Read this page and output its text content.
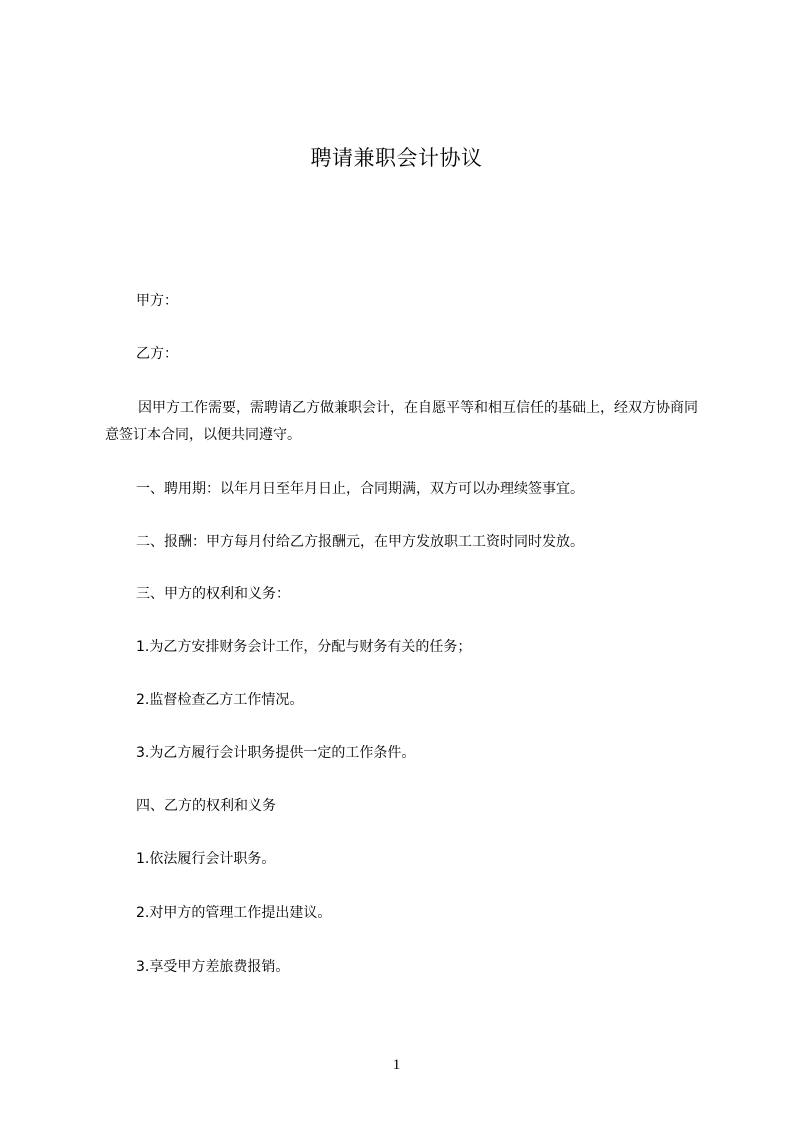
聘请兼职会计协议
甲方：
乙方：
因甲方工作需要，需聘请乙方做兼职会计，在自愿平等和相互信任的基础上，经双方协商同意签订本合同，以便共同遵守。
一、聘用期：以年月日至年月日止，合同期满，双方可以办理续签事宜。
二、报酬：甲方每月付给乙方报酬元，在甲方发放职工工资时同时发放。
三、甲方的权利和义务：
1.为乙方安排财务会计工作，分配与财务有关的任务；
2.监督检查乙方工作情况。
3.为乙方履行会计职务提供一定的工作条件。
四、乙方的权利和义务
1.依法履行会计职务。
2.对甲方的管理工作提出建议。
3.享受甲方差旅费报销。
1
